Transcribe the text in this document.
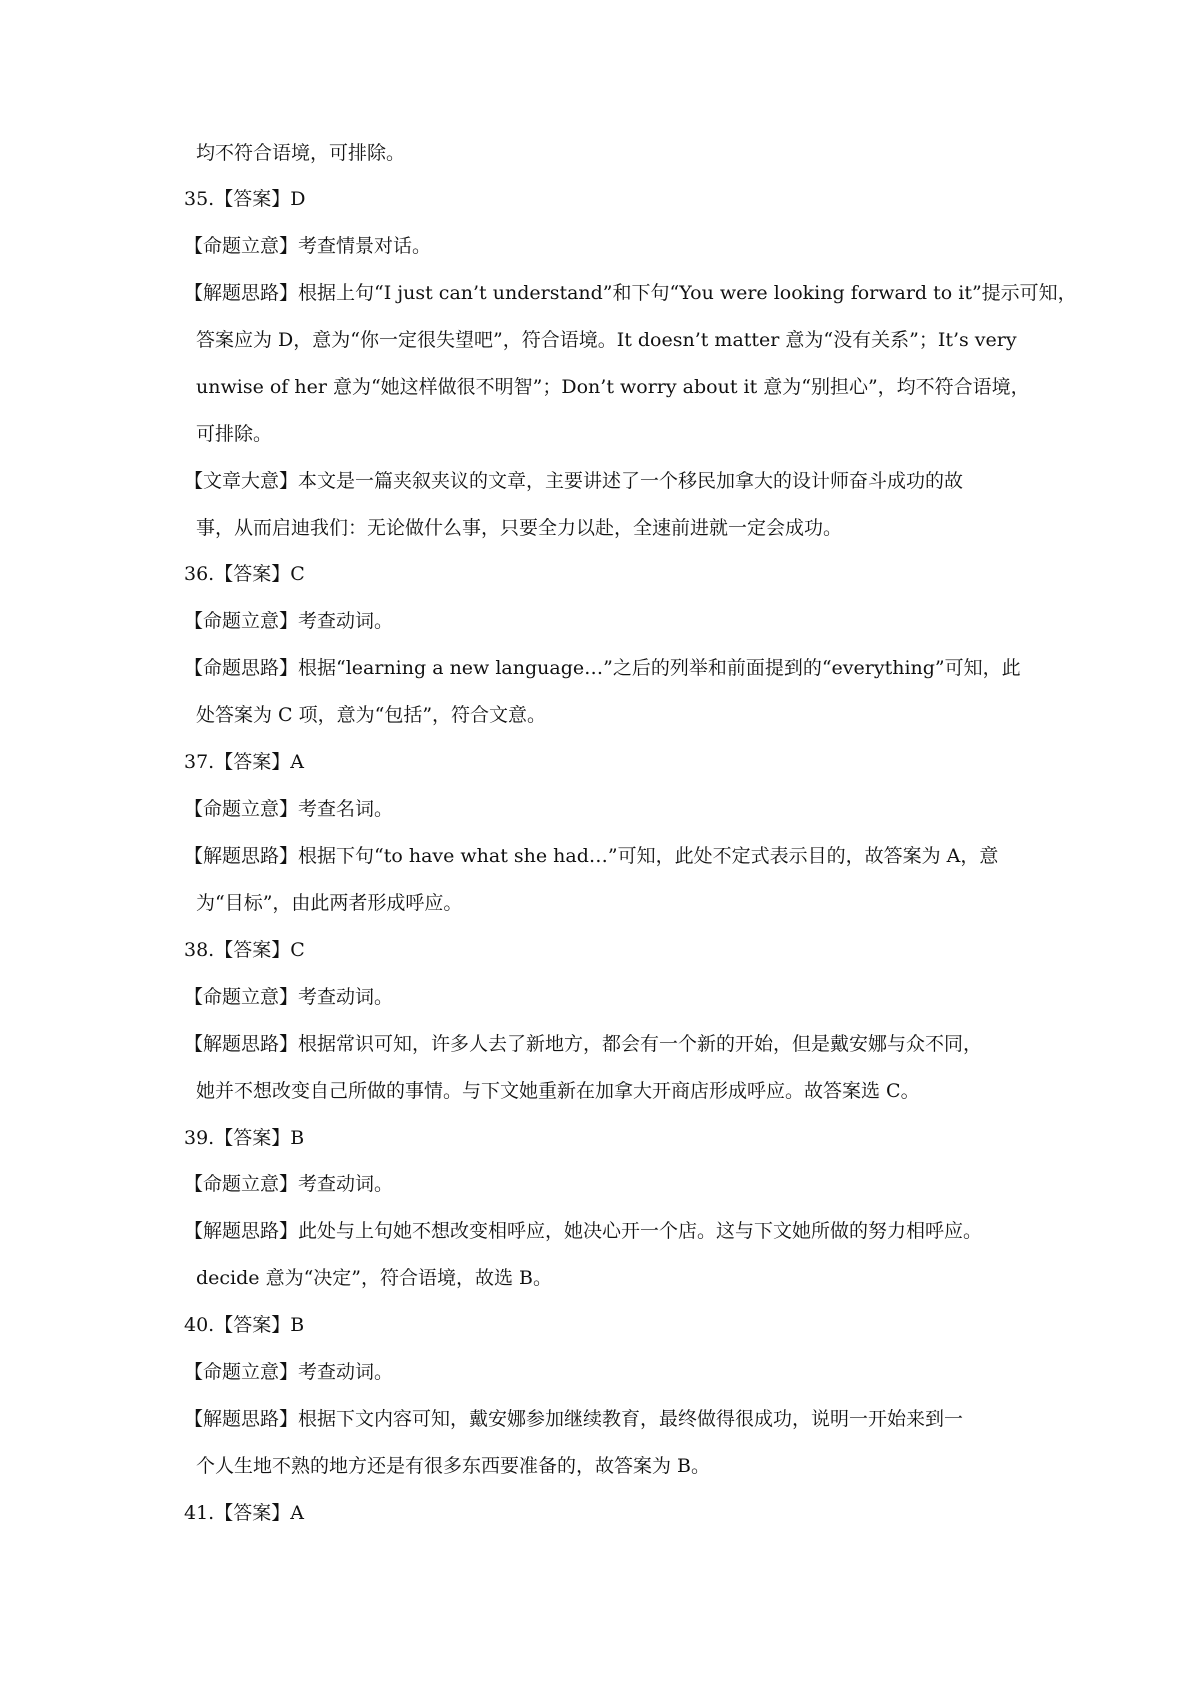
均不符合语境，可排除。
35.【答案】D
【命题立意】考查情景对话。
【解题思路】根据上句“I just can’t understand”和下句“You were looking forward to it”提示可知，
答案应为 D，意为“你一定很失望吧”，符合语境。It doesn’t matter 意为“没有关系”；It’s very
unwise of her 意为“她这样做很不明智”；Don’t worry about it 意为“别担心”，均不符合语境，
可排除。
【文章大意】本文是一篇夹叙夹议的文章，主要讲述了一个移民加拿大的设计师奋斗成功的故
事，从而启迪我们：无论做什么事，只要全力以赴，全速前进就一定会成功。
36.【答案】C
【命题立意】考查动词。
【命题思路】根据“learning a new language…”之后的列举和前面提到的“everything”可知，此
处答案为 C 项，意为“包括”，符合文意。
37.【答案】A
【命题立意】考查名词。
【解题思路】根据下句“to have what she had…”可知，此处不定式表示目的，故答案为 A，意
为“目标”，由此两者形成呼应。
38.【答案】C
【命题立意】考查动词。
【解题思路】根据常识可知，许多人去了新地方，都会有一个新的开始，但是戴安娜与众不同，
她并不想改变自己所做的事情。与下文她重新在加拿大开商店形成呼应。故答案选 C。
39.【答案】B
【命题立意】考查动词。
【解题思路】此处与上句她不想改变相呼应，她决心开一个店。这与下文她所做的努力相呼应。
decide 意为“决定”，符合语境，故选 B。
40.【答案】B
【命题立意】考查动词。
【解题思路】根据下文内容可知，戴安娜参加继续教育，最终做得很成功，说明一开始来到一
个人生地不熟的地方还是有很多东西要准备的，故答案为 B。
41.【答案】A
